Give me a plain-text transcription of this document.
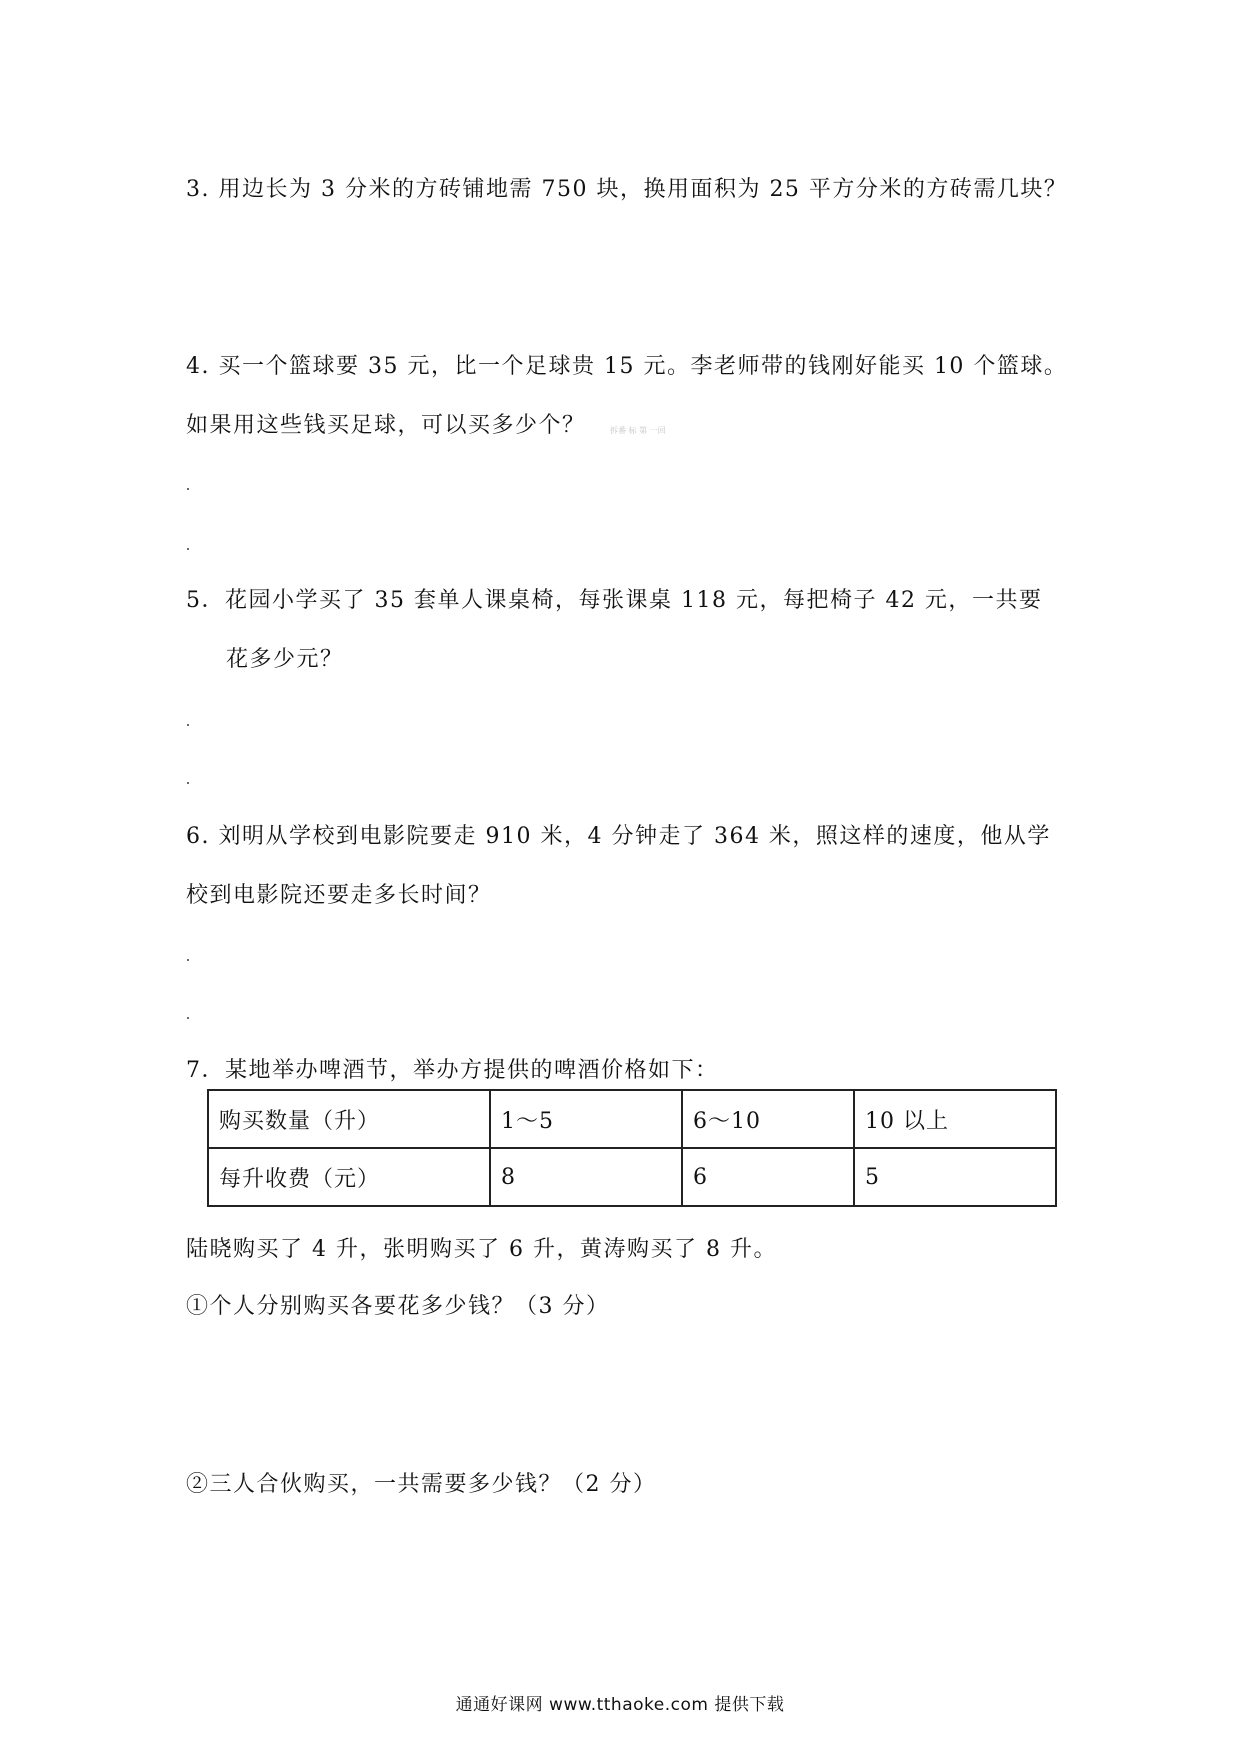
3. 用边长为 3 分米的方砖铺地需 750 块，换用面积为 25 平方分米的方砖需几块？
4. 买一个篮球要 35 元，比一个足球贵 15 元。李老师带的钱刚好能买 10 个篮球。
如果用这些钱买足球，可以买多少个？	拆番 标 第 一回
5．花园小学买了 35 套单人课桌椅，每张课桌 118 元，每把椅子 42 元，一共要
花多少元？
6. 刘明从学校到电影院要走 910 米，4 分钟走了 364 米，照这样的速度，他从学
校到电影院还要走多长时间？
7．某地举办啤酒节，举办方提供的啤酒价格如下：
购买数量（升）	1～5	6～10	10 以上
每升收费（元）	8	6	5
陆晓购买了 4 升，张明购买了 6 升，黄涛购买了 8 升。
①个人分别购买各要花多少钱？（3 分）
②三人合伙购买，一共需要多少钱？（2 分）
通通好课网 www.tthaoke.com 提供下载
